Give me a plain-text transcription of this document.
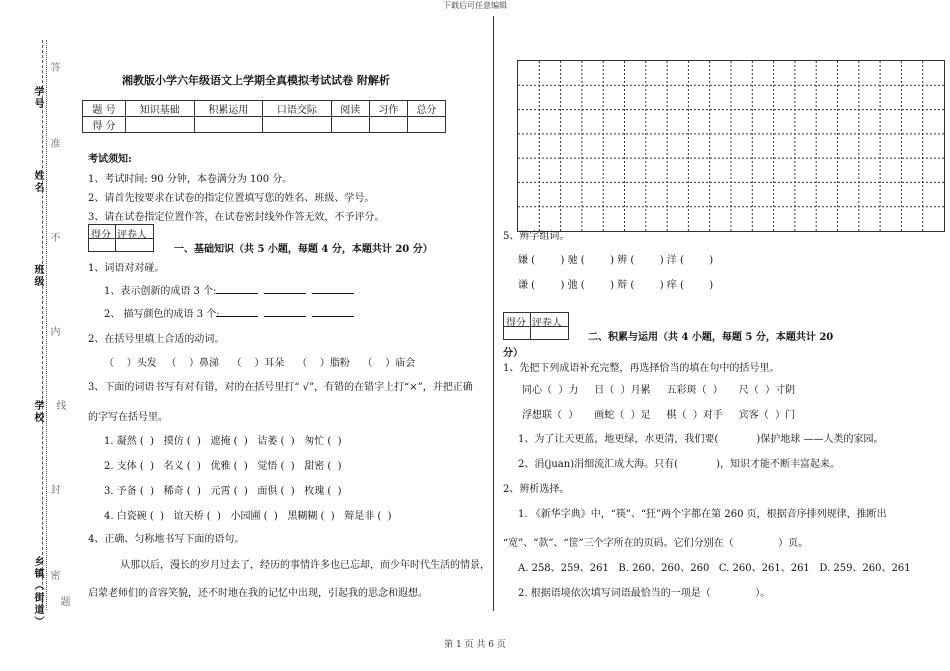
下载后可任意编辑
第 1 页 共 6 页
学号
姓名
班级
学校
乡镇（街道）
答
准
不
内
线
封
密
题
湘教版小学六年级语文上学期全真模拟考试试卷 附解析
题 号	知识基础	积累运用	口语交际	阅读	习作	总分
得 分						
考试须知:
1、考试时间: 90 分钟，本卷满分为 100 分。
2、请首先按要求在试卷的指定位置填写您的姓名、班级、学号。
3、请在试卷指定位置作答，在试卷密封线外作答无效，不予评分。
得分 评卷人
一、基础知识（共 5 小题，每题 4 分，本题共计 20 分）
1、词语对对碰。
1、表示创新的成语 3 个:
2、 描写颜色的成语 3 个:
2、在括号里填上合适的动词。
（    ）头发   （    ）鼻涕    （    ）耳朵    （    ）脂粉    （    ）庙会
3、下面的词语书写有对有错，对的在括号里打“ √”，有错的在错字上打“×”，并把正确
的字写在括号里。
1. 凝然 (  )   摸仿 (  )   遮掩 (  )   诘萎 (  )   匆忙 (  )
2. 支体 (  )   名义 (  )   优雅 (  )   觉悟 (  )   甜密 (  )
3. 予备 (  )   稀奇 (  )   元霄 (  )   面俱 (  )   枚瑰 (  )
4. 白瓷碗 (  )   谊天桥 (  )   小园圃 (  )   黑糊糊 (  )   辩是非 (  )
4、正确、匀称地书写下面的语句。
从那以后，漫长的岁月过去了，经历的事情许多也已忘却，而少年时代生活的情景，
启蒙老师们的音容笑貌，还不时地在我的记忆中出现，引起我的思念和遐想。
5、辨字组词。
嫌 (        ) 驰 (        ) 辨 (        ) 洋 (        )
谦 (        ) 弛 (        ) 辩 (        ) 痒 (        )
得分 评卷人
二、积累与运用（共 4 小题，每题 5 分，本题共计 20
分）
1、先把下列成语补充完整，再选择恰当的填在句中的括号里。
同心（  ）力     日（  ）月累     五彩斑（  ）     尺（  ）寸阴
浮想联（  ）     画蛇（  ）足     棋（  ）对手     宾客（  ）门
1、为了让天更蓝，地更绿，水更清，我们要(            )保护地球 ——人类的家园。
2、涓(juan)涓细流汇成大海。只有(            )，知识才能不断丰富起来。
2、辨析选择。
1. 《新华字典》中，“筷”、“狂”两个字都在第 260 页，根据音序排列规律，推断出
“宽”、“款”、“筐”三个字所在的页码。它们分别在（              ）页。
A. 258、259、261   B. 260、260、260   C. 260、261、261   D. 259、260、261
2. 根据语境依次填写词语最恰当的一项是（              ）。
